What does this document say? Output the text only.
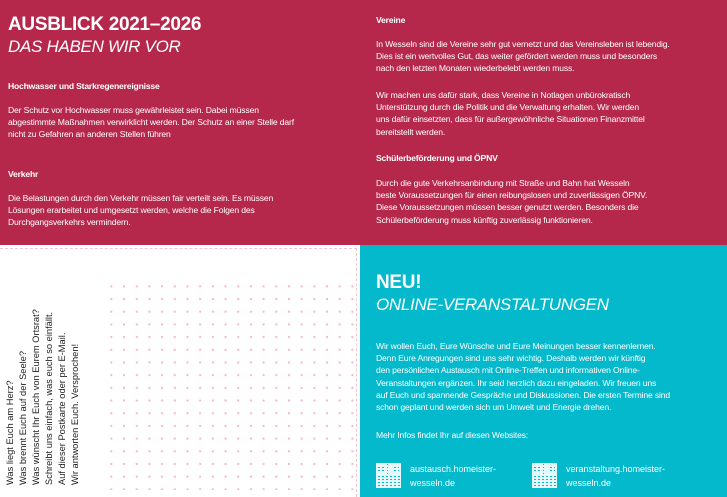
AUSBLICK 2021–2026
DAS HABEN WIR VOR
Hochwasser und Starkregenereignisse
Der Schutz vor Hochwasser muss gewährleistet sein. Dabei müssen
abgestimmte Maßnahmen verwirklicht werden. Der Schutz an einer Stelle darf
nicht zu Gefahren an anderen Stellen führen
Verkehr
Die Belastungen durch den Verkehr müssen fair verteilt sein. Es müssen
Lösungen erarbeitet und umgesetzt werden, welche die Folgen des
Durchgangsverkehrs vermindern.
Vereine
In Wesseln sind die Vereine sehr gut vernetzt und das Vereinsleben ist lebendig.
Dies ist ein wertvolles Gut, das weiter gefördert werden muss und besonders
nach den letzten Monaten wiederbelebt werden muss.
Wir machen uns dafür stark, dass Vereine in Notlagen unbürokratisch
Unterstützung durch die Politik und die Verwaltung erhalten. Wir werden
uns dafür einsetzten, dass für außergewöhnliche Situationen Finanzmittel
bereitstellt werden.
Schülerbeförderung und ÖPNV
Durch die gute Verkehrsanbindung mit Straße und Bahn hat Wesseln
beste Voraussetzungen für einen reibungslosen und zuverlässigen ÖPNV.
Diese Voraussetzungen müssen besser genutzt werden. Besonders die
Schülerbeförderung muss künftig zuverlässig funktionieren.
Was liegt Euch am Herz? Was brennt Euch auf der Seele? Was wünscht Ihr Euch von Eurem Ortsrat? Schreibt uns einfach, was euch so einfällt. Auf dieser Postkarte oder per E-Mail. Wir antworten Euch. Versprochen!
NEU!
ONLINE-VERANSTALTUNGEN
Wir wollen Euch, Eure Wünsche und Eure Meinungen besser kennenlernen.
Denn Eure Anregungen sind uns sehr wichtig. Deshalb werden wir künftig
den persönlichen Austausch mit Online-Treffen und informativen Online-
Veranstaltungen ergänzen. Ihr seid herzlich dazu eingeladen. Wir freuen uns
auf Euch und spannende Gespräche und Diskussionen. Die ersten Termine sind
schon geplant und werden sich um Umwelt und Energie drehen.
Mehr Infos findet Ihr auf diesen Websites:
austausch.homeister-
wesseln.de
veranstaltung.homeister-
wesseln.de
